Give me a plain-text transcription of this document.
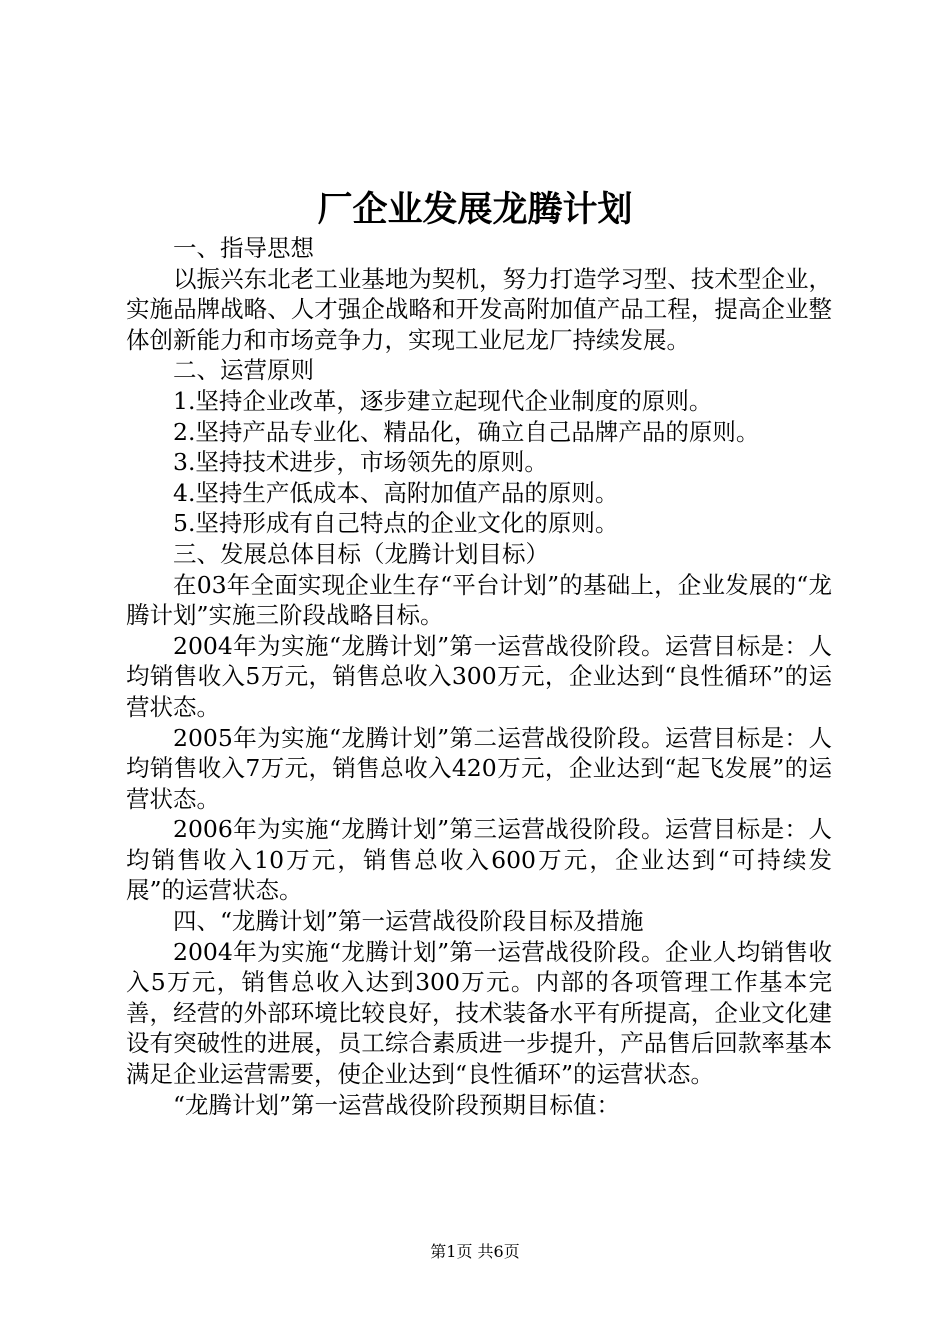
厂企业发展龙腾计划

一、指导思想

以振兴东北老工业基地为契机，努力打造学习型、技术型企业，实施品牌战略、人才强企战略和开发高附加值产品工程，提高企业整体创新能力和市场竞争力，实现工业尼龙厂持续发展。

二、运营原则

1.坚持企业改革，逐步建立起现代企业制度的原则。

2.坚持产品专业化、精品化，确立自己品牌产品的原则。

3.坚持技术进步，市场领先的原则。

4.坚持生产低成本、高附加值产品的原则。

5.坚持形成有自己特点的企业文化的原则。

三、发展总体目标（龙腾计划目标）

在03年全面实现企业生存“平台计划”的基础上，企业发展的“龙腾计划”实施三阶段战略目标。

2004年为实施“龙腾计划”第一运营战役阶段。运营目标是：人均销售收入5万元，销售总收入300万元，企业达到“良性循环”的运营状态。

2005年为实施“龙腾计划”第二运营战役阶段。运营目标是：人均销售收入7万元，销售总收入420万元，企业达到“起飞发展”的运营状态。

2006年为实施“龙腾计划”第三运营战役阶段。运营目标是：人均销售收入10万元，销售总收入600万元，企业达到“可持续发展”的运营状态。

四、“龙腾计划”第一运营战役阶段目标及措施

2004年为实施“龙腾计划”第一运营战役阶段。企业人均销售收入5万元，销售总收入达到300万元。内部的各项管理工作基本完善，经营的外部环境比较良好，技术装备水平有所提高，企业文化建设有突破性的进展，员工综合素质进一步提升，产品售后回款率基本满足企业运营需要，使企业达到“良性循环”的运营状态。

“龙腾计划”第一运营战役阶段预期目标值：

第1页 共6页
